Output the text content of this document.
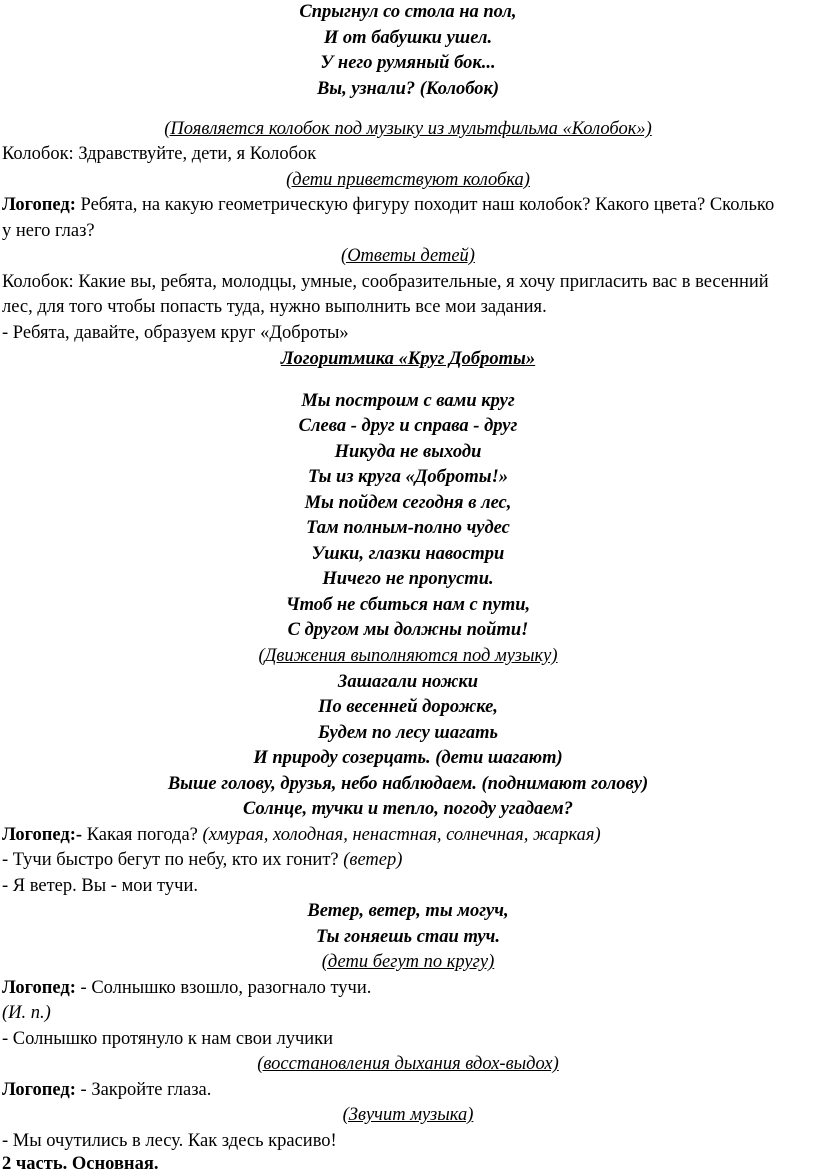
Спрыгнул со стола на пол,
И от бабушки ушел.
У него румяный бок...
Вы, узнали? (Колобок)
(Появляется колобок под музыку из мультфильма «Колобок»)
Колобок: Здравствуйте, дети, я Колобок
(дети приветствуют колобка)
Логопед: Ребята, на какую геометрическую фигуру походит наш колобок? Какого цвета? Сколько
у него глаз?
(Ответы детей)
Колобок: Какие вы, ребята, молодцы, умные, сообразительные, я хочу пригласить вас в весенний
лес, для того чтобы попасть туда, нужно выполнить все мои задания.
- Ребята, давайте, образуем круг «Доброты»
Логоритмика «Круг Доброты»
Мы построим с вами круг
Слева - друг и справа - друг
Никуда не выходи
Ты из круга «Доброты!»
Мы пойдем сегодня в лес,
Там полным-полно чудес
Ушки, глазки навостри
Ничего не пропусти.
Чтоб не сбиться нам с пути,
С другом мы должны пойти!
(Движения выполняются под музыку)
Зашагали ножки
По весенней дорожке,
Будем по лесу шагать
И природу созерцать. (дети шагают)
Выше голову, друзья, небо наблюдаем. (поднимают голову)
Солнце, тучки и тепло, погоду угадаем?
Логопед:- Какая погода? (хмурая, холодная, ненастная, солнечная, жаркая)
- Тучи быстро бегут по небу, кто их гонит? (ветер)
- Я ветер. Вы - мои тучи.
Ветер, ветер, ты могуч,
Ты гоняешь стаи туч.
(дети бегут по кругу)
Логопед: - Солнышко взошло, разогнало тучи.
(И. п.)
- Солнышко протянуло к нам свои лучики
(восстановления дыхания вдох-выдох)
Логопед: - Закройте глаза.
(Звучит музыка)
- Мы очутились в лесу. Как здесь красиво!
2 часть. Основная.
